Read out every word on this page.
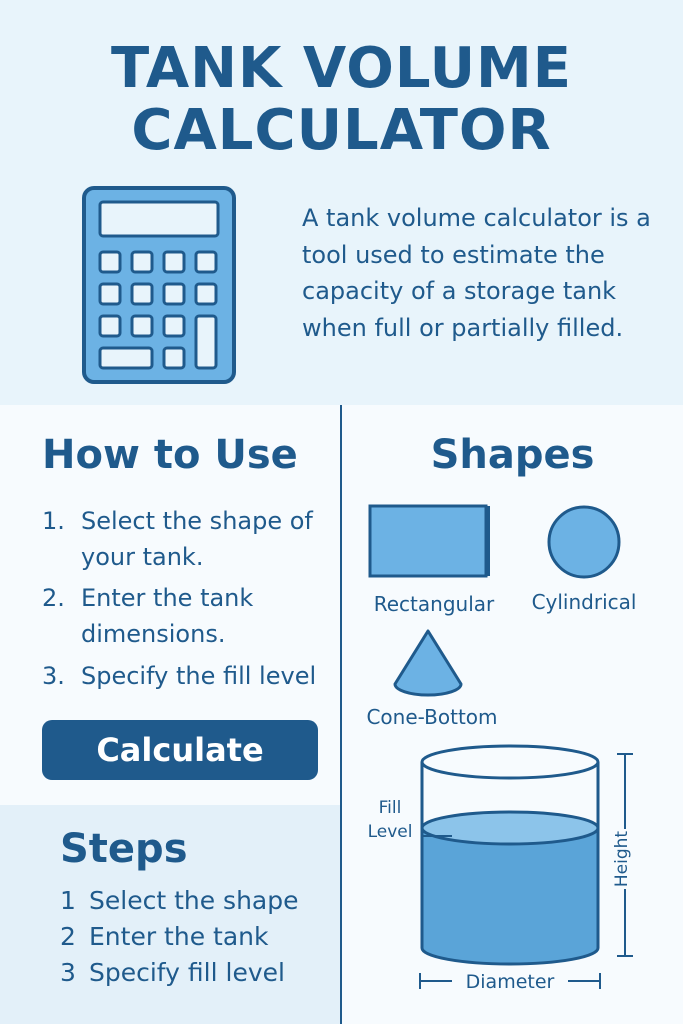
TANK VOLUME
CALCULATOR
A tank volume calculator is a tool used to estimate the capacity of a storage tank when full or partially filled.
How to Use
1. Select the shape of your tank.
2. Enter the tank dimensions.
3. Specify the fill level
Calculate
Steps
1 Select the shape
2 Enter the tank
3 Specify fill level
Shapes
Rectangular	Cylindrical
Cone-Bottom
Fill
Level	Height
Diameter
